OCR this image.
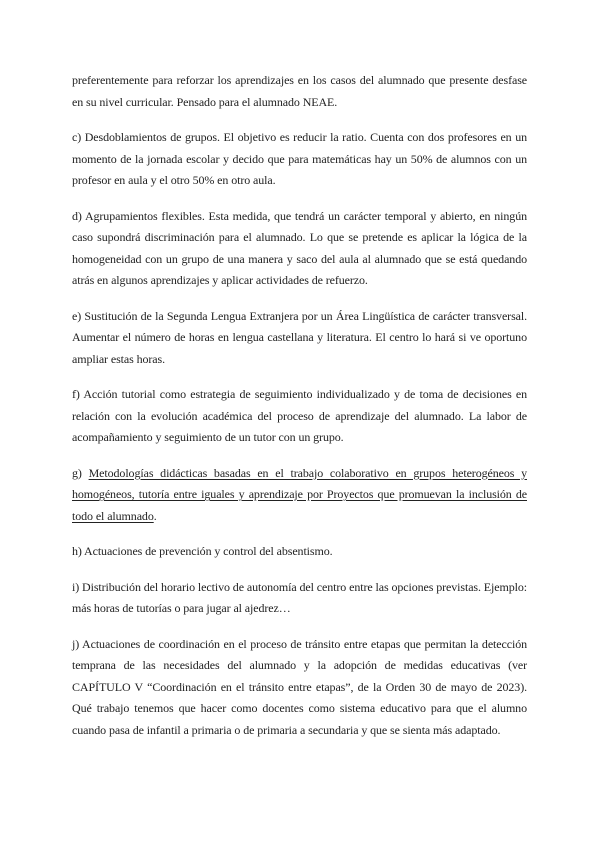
preferentemente para reforzar los aprendizajes en los casos del alumnado que presente desfase en su nivel curricular. Pensado para el alumnado NEAE.

c) Desdoblamientos de grupos. El objetivo es reducir la ratio. Cuenta con dos profesores en un momento de la jornada escolar y decido que para matemáticas hay un 50% de alumnos con un profesor en aula y el otro 50% en otro aula.

d) Agrupamientos flexibles. Esta medida, que tendrá un carácter temporal y abierto, en ningún caso supondrá discriminación para el alumnado. Lo que se pretende es aplicar la lógica de la homogeneidad con un grupo de una manera y saco del aula al alumnado que se está quedando atrás en algunos aprendizajes y aplicar actividades de refuerzo.

e) Sustitución de la Segunda Lengua Extranjera por un Área Lingüística de carácter transversal. Aumentar el número de horas en lengua castellana y literatura. El centro lo hará si ve oportuno ampliar estas horas.

f) Acción tutorial como estrategia de seguimiento individualizado y de toma de decisiones en relación con la evolución académica del proceso de aprendizaje del alumnado. La labor de acompañamiento y seguimiento de un tutor con un grupo.

g) Metodologías didácticas basadas en el trabajo colaborativo en grupos heterogéneos y homogéneos, tutoría entre iguales y aprendizaje por Proyectos que promuevan la inclusión de todo el alumnado.

h) Actuaciones de prevención y control del absentismo.

i) Distribución del horario lectivo de autonomía del centro entre las opciones previstas. Ejemplo: más horas de tutorías o para jugar al ajedrez…

j) Actuaciones de coordinación en el proceso de tránsito entre etapas que permitan la detección temprana de las necesidades del alumnado y la adopción de medidas educativas (ver CAPÍTULO V “Coordinación en el tránsito entre etapas”, de la Orden 30 de mayo de 2023). Qué trabajo tenemos que hacer como docentes como sistema educativo para que el alumno cuando pasa de infantil a primaria o de primaria a secundaria y que se sienta más adaptado.
